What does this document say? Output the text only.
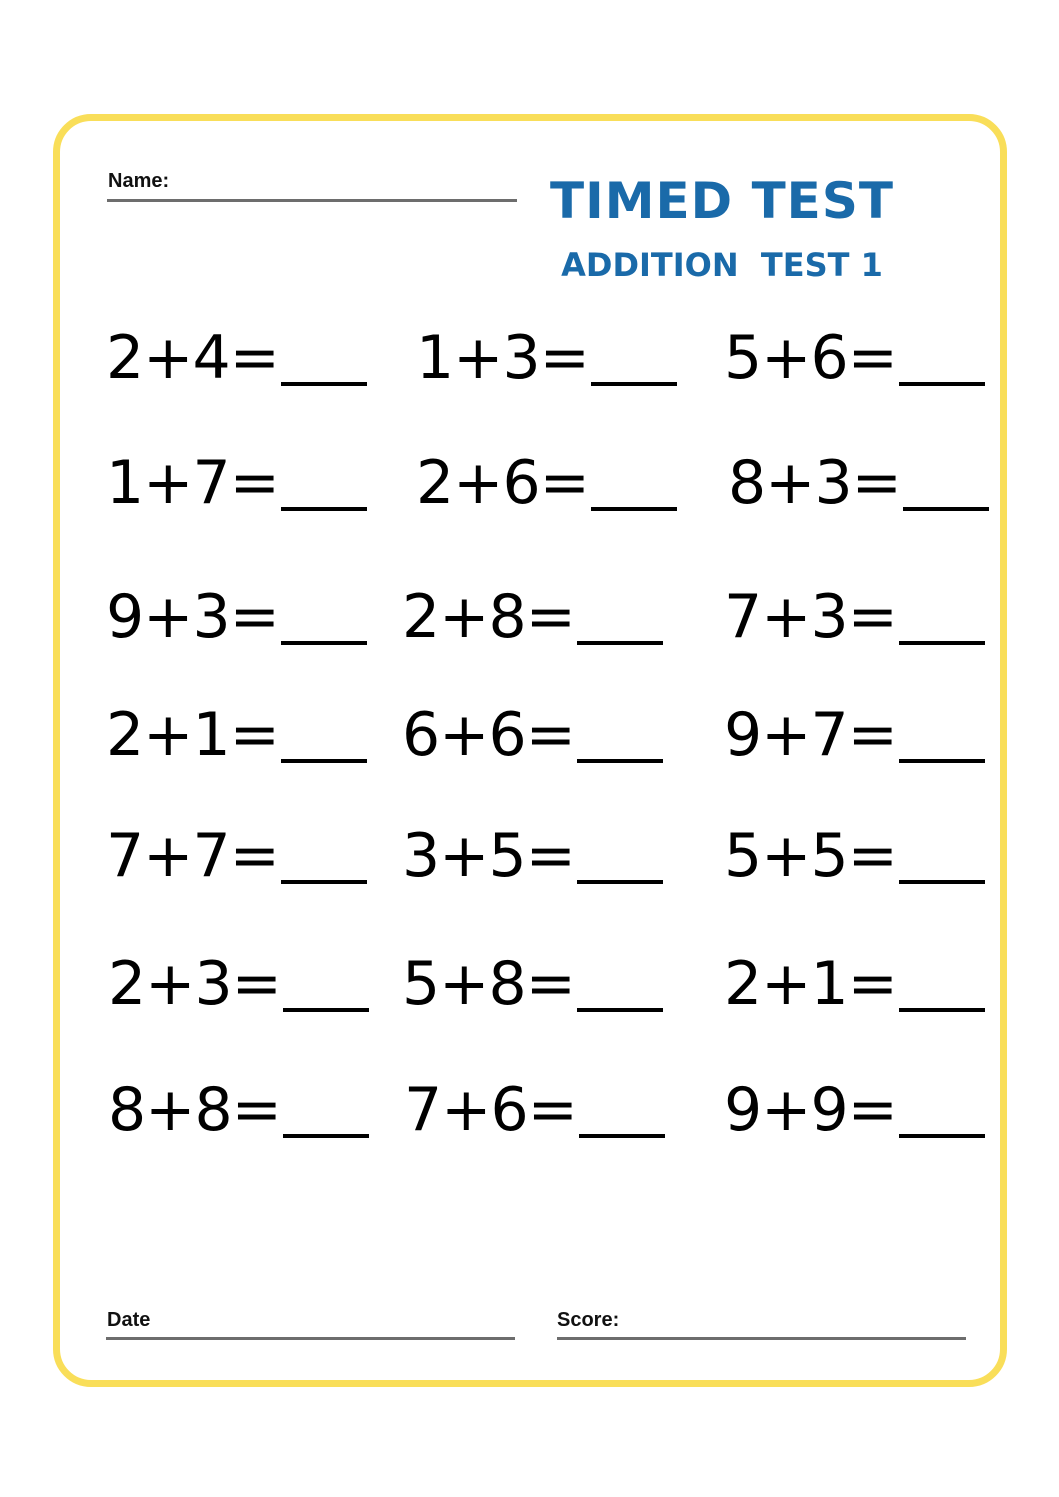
Name:	TIMED TEST
ADDITION  TEST 1
2+4= 1+3= 5+6=
1+7= 2+6= 8+3=
9+3= 2+8= 7+3=
2+1= 6+6= 9+7=
7+7= 3+5= 5+5=
2+3= 5+8= 2+1=
8+8= 7+6= 9+9=
Date	Score:
